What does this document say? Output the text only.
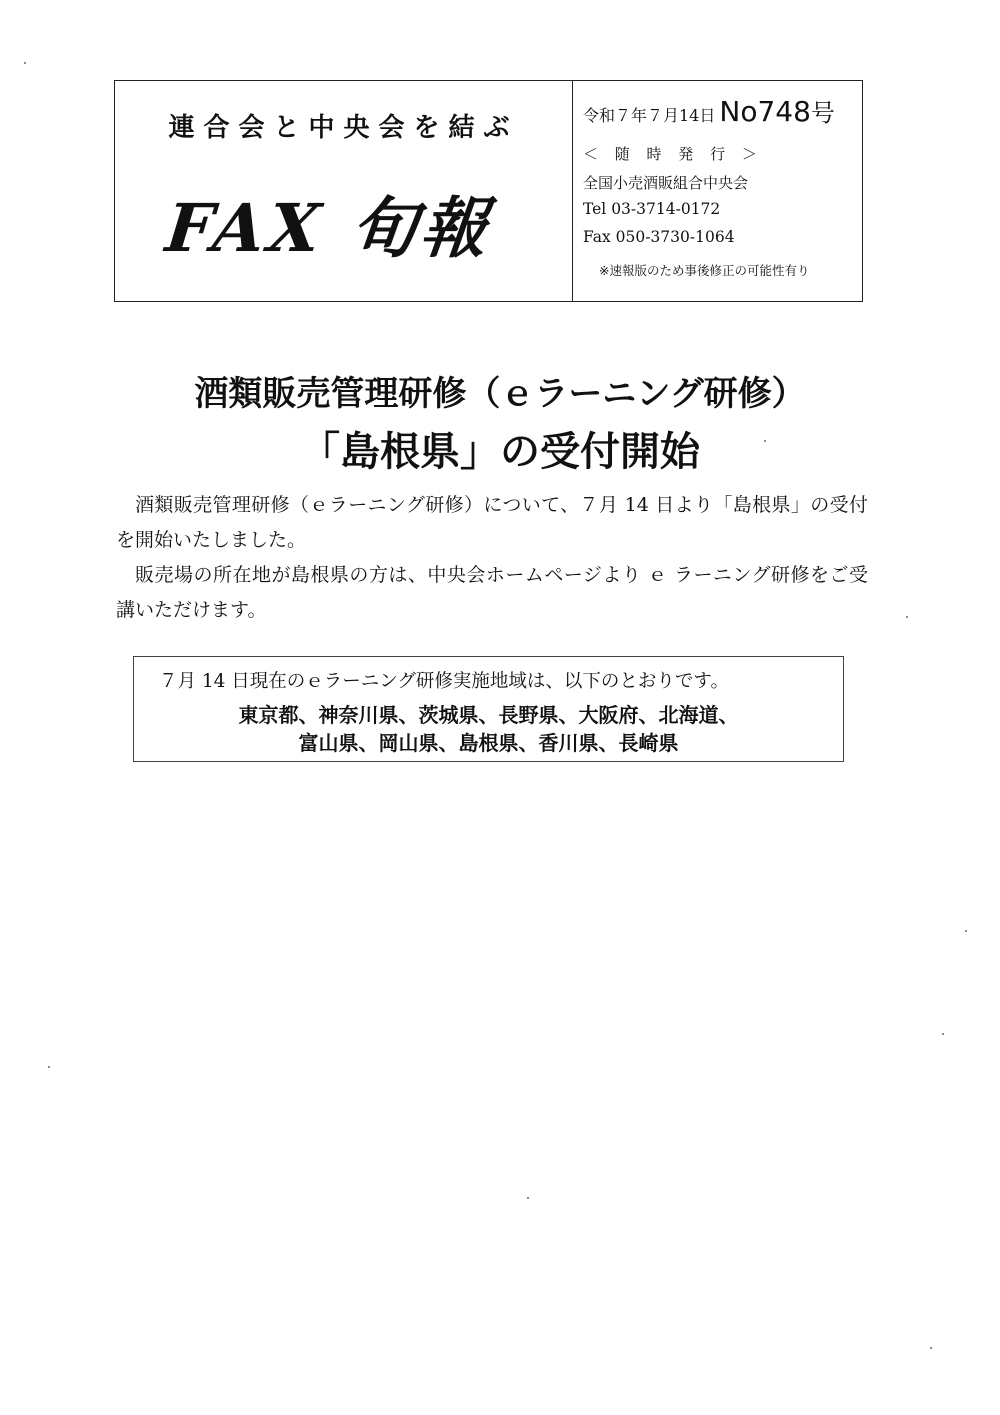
連合会と中央会を結ぶ
FAX 旬報
令和７年７月14日 No748 号
＜ 随 時 発 行 ＞
全国小売酒販組合中央会
Tel 03-3714-0172
Fax 050-3730-1064
※速報版のため事後修正の可能性有り
酒類販売管理研修（ｅラーニング研修）
「島根県」の受付開始
酒類販売管理研修（ｅラーニング研修）について、７月 14 日より「島根県」の受付を開始いたしました。
販売場の所在地が島根県の方は、中央会ホームページより ｅ ラーニング研修をご受講いただけます。
７月 14 日現在のｅラーニング研修実施地域は、以下のとおりです。
東京都、神奈川県、茨城県、長野県、大阪府、北海道、
富山県、岡山県、島根県、香川県、長崎県
